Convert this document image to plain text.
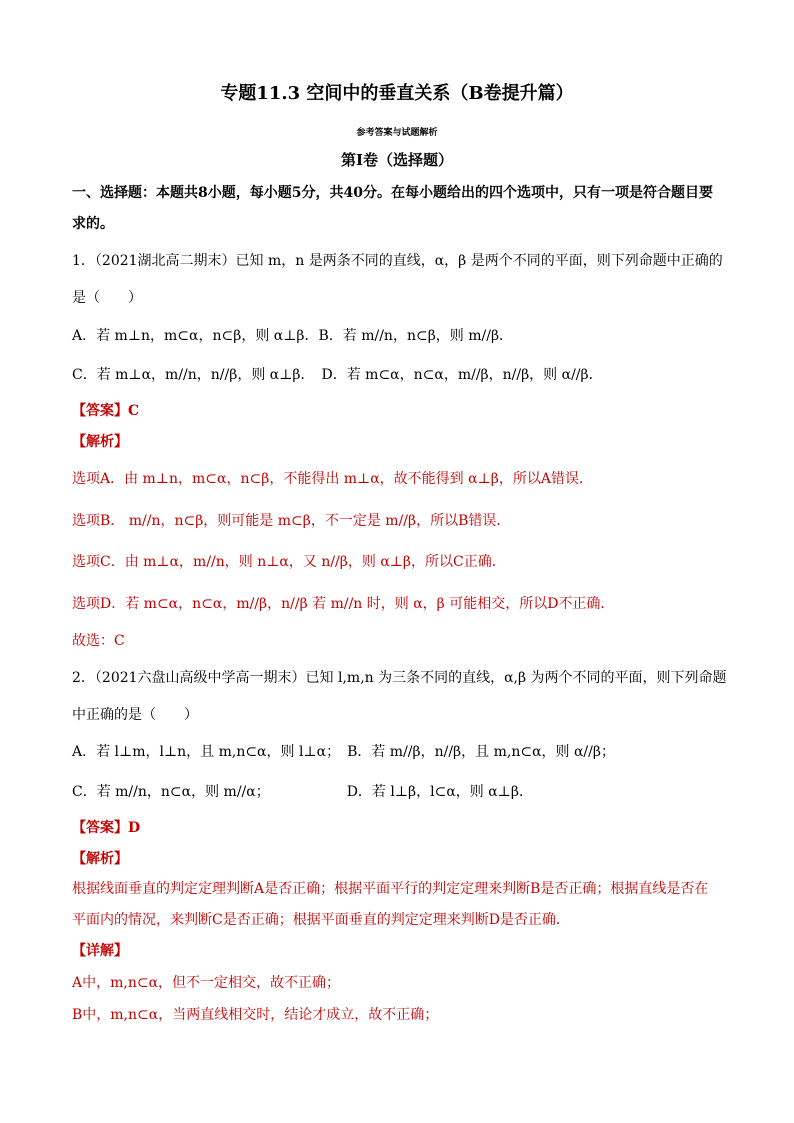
专题11.3 空间中的垂直关系（B卷提升篇）
参考答案与试题解析
第Ⅰ卷（选择题）
一、选择题：本题共8小题，每小题5分，共40分。在每小题给出的四个选项中，只有一项是符合题目要
求的。
1．（2021湖北高二期末）已知 m，n 是两条不同的直线，α，β 是两个不同的平面，则下列命题中正确的
是（　　）
A．若 m⊥n，m⊂α，n⊂β，则 α⊥β．B．若 m//n，n⊂β，则 m//β．
C．若 m⊥α，m//n，n//β，则 α⊥β．　D．若 m⊂α，n⊂α，m//β，n//β，则 α//β．
【答案】C
【解析】
选项A．由 m⊥n，m⊂α，n⊂β，不能得出 m⊥α，故不能得到 α⊥β，所以A错误．
选项B． m//n，n⊂β，则可能是 m⊂β，不一定是 m//β，所以B错误．
选项C．由 m⊥α，m//n，则 n⊥α，又 n//β，则 α⊥β，所以C正确．
选项D．若 m⊂α，n⊂α，m//β，n//β 若 m//n 时，则 α，β 可能相交，所以D不正确．
故选：C
2．（2021六盘山高级中学高一期末）已知 l,m,n 为三条不同的直线，α,β 为两个不同的平面，则下列命题
中正确的是（　　）
A．若 l⊥m，l⊥n，且 m,n⊂α，则 l⊥α；　B．若 m//β，n//β，且 m,n⊂α，则 α//β；
C．若 m//n，n⊂α，则 m//α；　　　　　　D．若 l⊥β，l⊂α，则 α⊥β．
【答案】D
【解析】
根据线面垂直的判定定理判断A是否正确；根据平面平行的判定定理来判断B是否正确；根据直线是否在
平面内的情况，来判断C是否正确；根据平面垂直的判定定理来判断D是否正确．
【详解】
A中，m,n⊂α，但不一定相交，故不正确；
B中，m,n⊂α，当两直线相交时，结论才成立，故不正确；
